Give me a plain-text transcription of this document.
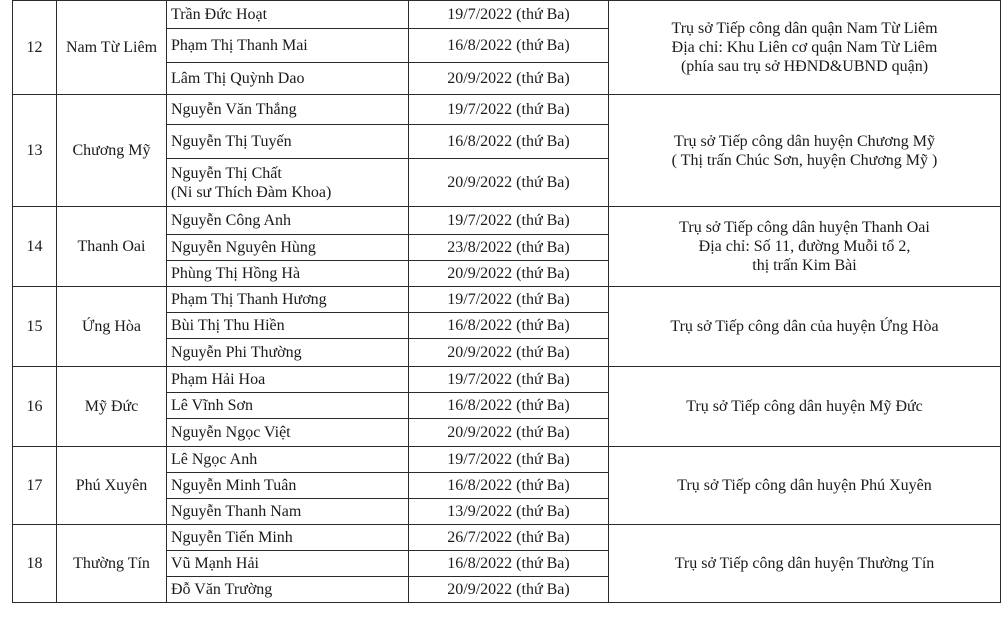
12	Nam Từ Liêm	Trần Đức Hoạt	19/7/2022 (thứ Ba)	Trụ sở Tiếp công dân quận Nam Từ Liêm
Địa chỉ: Khu Liên cơ quận Nam Từ Liêm
(phía sau trụ sở HĐND&UBND quận)

		Phạm Thị Thanh Mai	16/8/2022 (thứ Ba)	

		Lâm Thị Quỳnh Dao	20/9/2022 (thứ Ba)	
13	Chương Mỹ	Nguyễn Văn Thắng	19/7/2022 (thứ Ba)	Trụ sở Tiếp công dân huyện Chương Mỹ
( Thị trấn Chúc Sơn, huyện Chương Mỹ )

		Nguyễn Thị Tuyến	16/8/2022 (thứ Ba)	

		Nguyễn Thị Chất
(Ni sư Thích Đàm Khoa)	20/9/2022 (thứ Ba)	
14	Thanh Oai	Nguyễn Công Anh	19/7/2022 (thứ Ba)	Trụ sở Tiếp công dân huyện Thanh Oai
Địa chỉ: Số 11, đường Muỗi tổ 2,
thị trấn Kim Bài

		Nguyễn Nguyên Hùng	23/8/2022 (thứ Ba)	

		Phùng Thị Hồng Hà	20/9/2022 (thứ Ba)	
15	Ứng Hòa	Phạm Thị Thanh Hương	19/7/2022 (thứ Ba)	Trụ sở Tiếp công dân của huyện Ứng Hòa

		Bùi Thị Thu Hiền	16/8/2022 (thứ Ba)	

		Nguyễn Phi Thường	20/9/2022 (thứ Ba)	
16	Mỹ Đức	Phạm Hải Hoa	19/7/2022 (thứ Ba)	Trụ sở Tiếp công dân huyện Mỹ Đức

		Lê Vĩnh Sơn	16/8/2022 (thứ Ba)	

		Nguyễn Ngọc Việt	20/9/2022 (thứ Ba)	
17	Phú Xuyên	Lê Ngọc Anh	19/7/2022 (thứ Ba)	Trụ sở Tiếp công dân huyện Phú Xuyên

		Nguyễn Minh Tuân	16/8/2022 (thứ Ba)	

		Nguyễn Thanh Nam	13/9/2022 (thứ Ba)	
18	Thường Tín	Nguyễn Tiến Minh	26/7/2022 (thứ Ba)	Trụ sở Tiếp công dân huyện Thường Tín

		Vũ Mạnh Hải	16/8/2022 (thứ Ba)	

		Đỗ Văn Trường	20/9/2022 (thứ Ba)	
